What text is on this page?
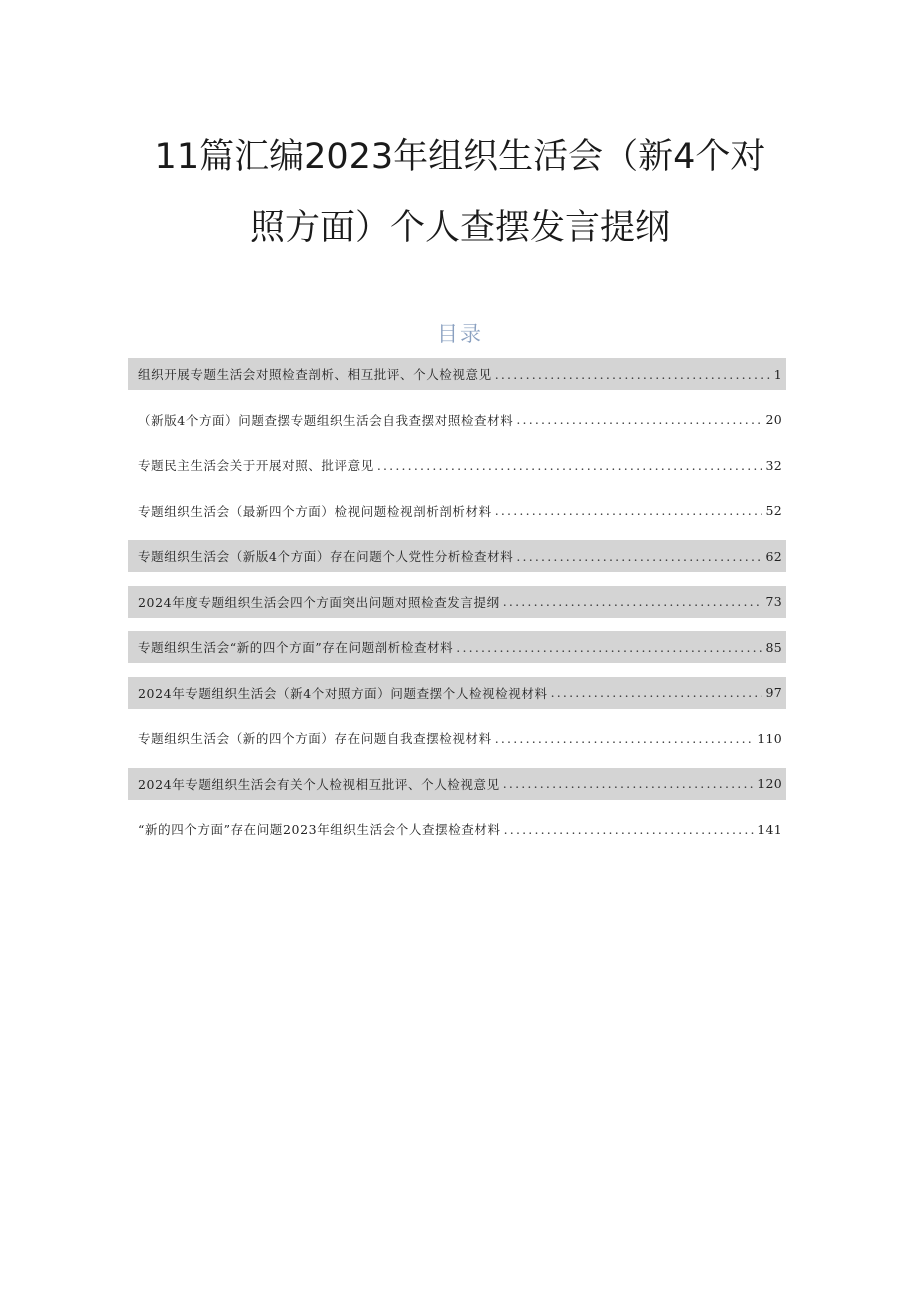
11篇汇编2023年组织生活会（新4个对
照方面）个人查摆发言提纲
目录
组织开展专题生活会对照检查剖析、相互批评、个人检视意见 .....	1
（新版4个方面）问题查摆专题组织生活会自我查摆对照检查材料 .....	20
专题民主生活会关于开展对照、批评意见 .....	32
专题组织生活会（最新四个方面）检视问题检视剖析剖析材料 .....	52
专题组织生活会（新版4个方面）存在问题个人党性分析检查材料 .....	62
2024年度专题组织生活会四个方面突出问题对照检查发言提纲 .....	73
专题组织生活会“新的四个方面”存在问题剖析检查材料 .....	85
2024年专题组织生活会（新4个对照方面）问题查摆个人检视检视材料 .....	97
专题组织生活会（新的四个方面）存在问题自我查摆检视材料 .....	110
2024年专题组织生活会有关个人检视相互批评、个人检视意见 .....	120
“新的四个方面”存在问题2023年组织生活会个人查摆检查材料 .....	141
